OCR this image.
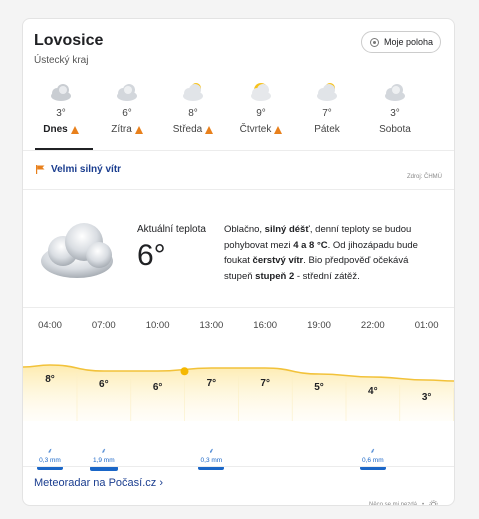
Lovosice
Ústecký kraj
Moje poloha
3°
Dnes
6°
Zítra
8°
Středa
9°
Čtvrtek
7°
Pátek
3°
Sobota
Velmi silný vítr
Zdroj: ČHMÚ
Aktuální teplota
6°
Oblačno, silný déšť, denní teploty se budou pohybovat mezi 4 a 8 °C. Od jihozápadu bude foukat čerstvý vítr. Bio předpověď očekává stupeň stupeň 2 - střední zátěž.
04:00	07:00	10:00	13:00	16:00	19:00	22:00	01:00
8°	6°	6°	7°	7°	5°	4°
3°
⸙
0,3 mm
⸙
1,9 mm
⸙
0,3 mm
⸙
0,6 mm
Meteoradar na Počasí.cz ›
Něco se mi nezdá •
